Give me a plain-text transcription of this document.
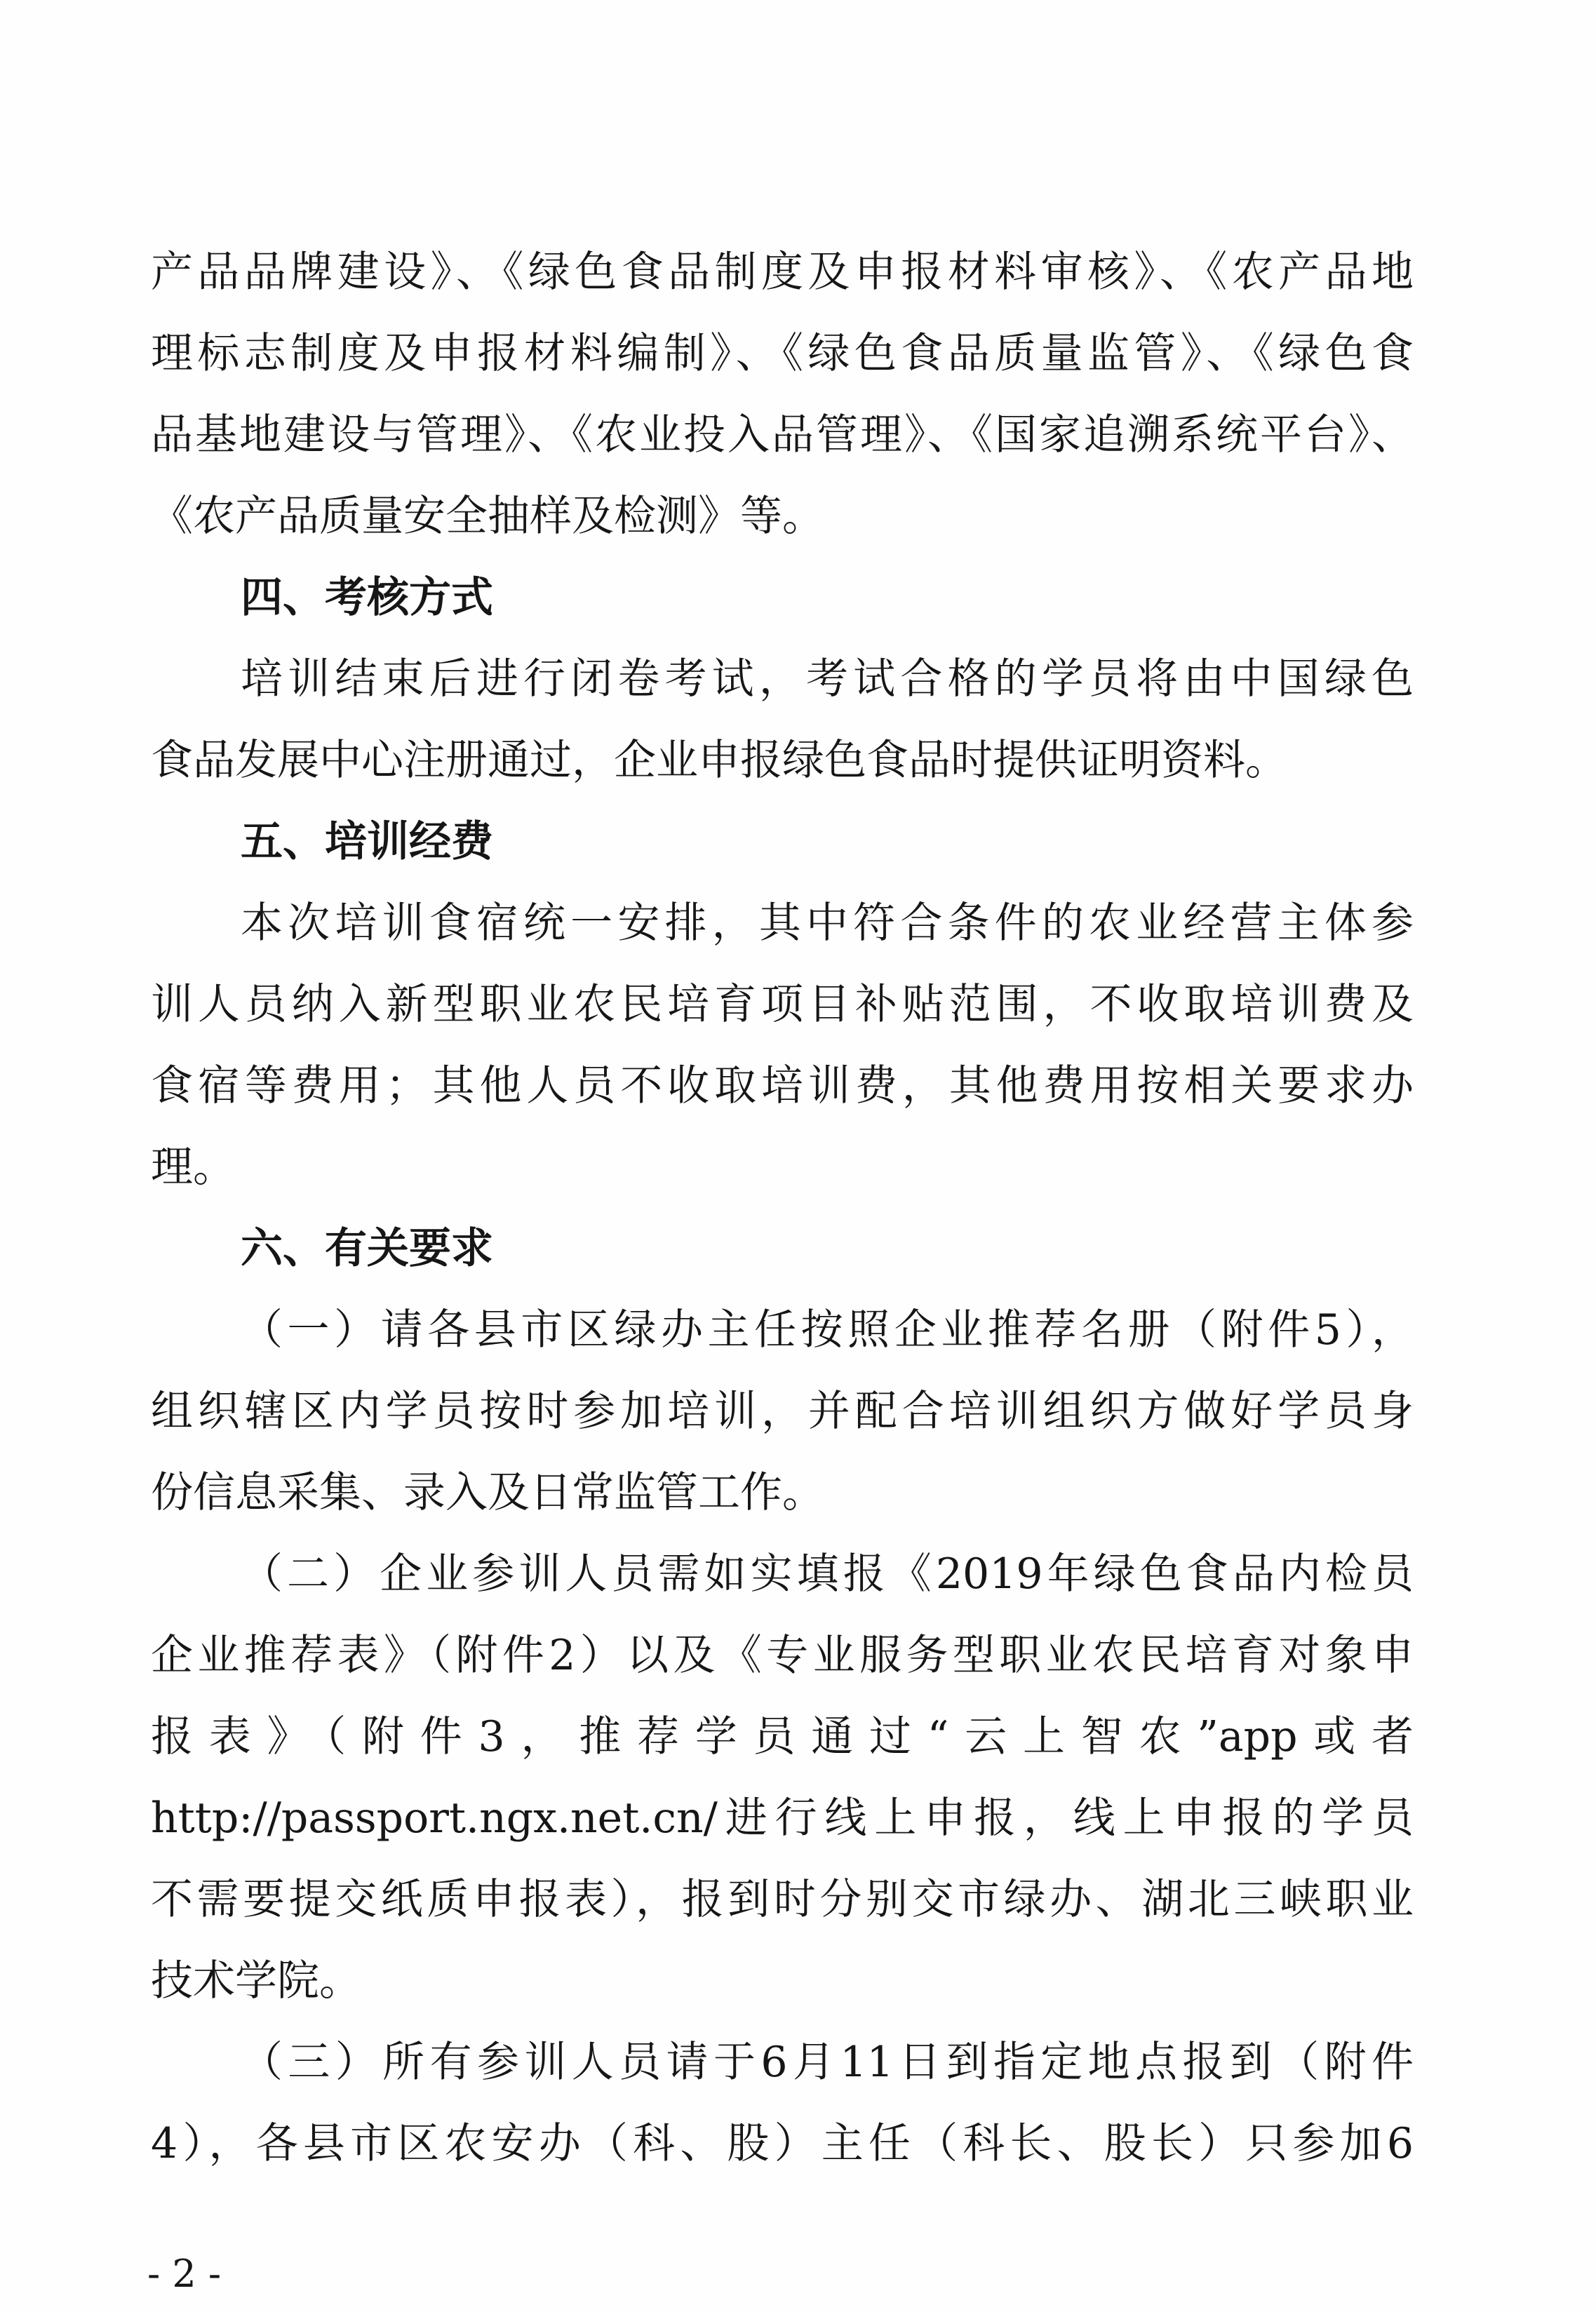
产品品牌建设》、《绿色食品制度及申报材料审核》、《农产品地
理标志制度及申报材料编制》、《绿色食品质量监管》、《绿色食
品基地建设与管理》、《农业投入品管理》、《国家追溯系统平台》、
《农产品质量安全抽样及检测》等。
四、考核方式
培训结束后进行闭卷考试，考试合格的学员将由中国绿色
食品发展中心注册通过，企业申报绿色食品时提供证明资料。
五、培训经费
本次培训食宿统一安排，其中符合条件的农业经营主体参
训人员纳入新型职业农民培育项目补贴范围，不收取培训费及
食宿等费用；其他人员不收取培训费，其他费用按相关要求办
理。
六、有关要求
（一）请各县市区绿办主任按照企业推荐名册（附件5），
组织辖区内学员按时参加培训，并配合培训组织方做好学员身
份信息采集、录入及日常监管工作。
（二）企业参训人员需如实填报《2019年绿色食品内检员
企业推荐表》（附件2）以及《专业服务型职业农民培育对象申
报表》（附件3，推荐学员通过“云上智农”app或者
http://passport.ngx.net.cn/进行线上申报，线上申报的学员
不需要提交纸质申报表），报到时分别交市绿办、湖北三峡职业
技术学院。
（三）所有参训人员请于6月11日到指定地点报到（附件
4），各县市区农安办（科、股）主任（科长、股长）只参加6
- 2 -
